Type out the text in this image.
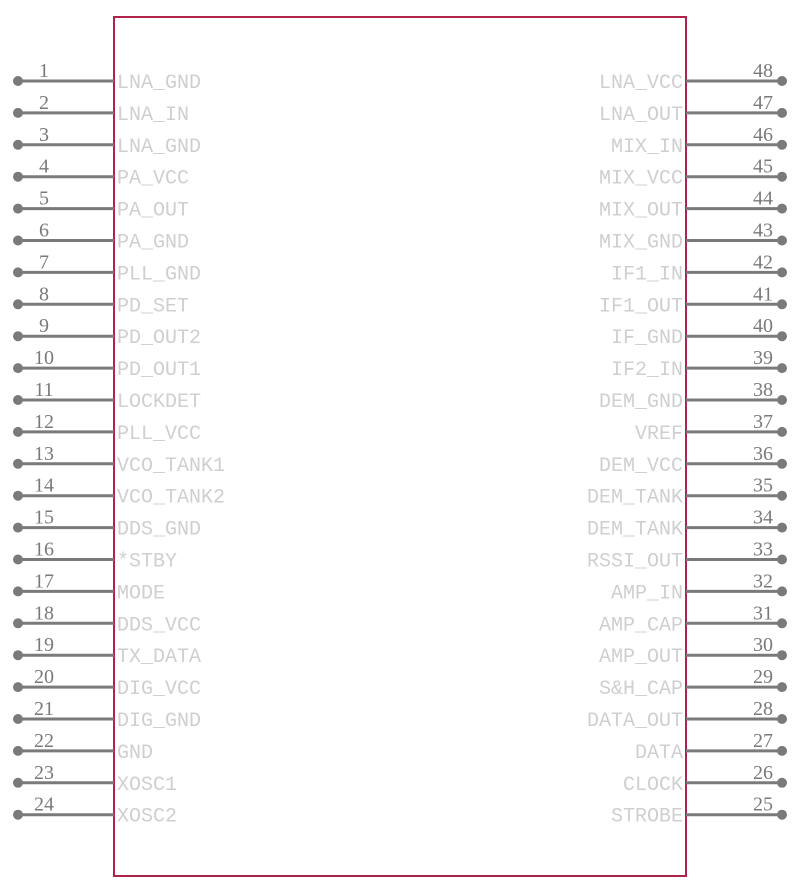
1
LNA_GND
2
LNA_IN
3
LNA_GND
4
PA_VCC
5
PA_OUT
6
PA_GND
7
PLL_GND
8
PD_SET
9
PD_OUT2
10
PD_OUT1
11
LOCKDET
12
PLL_VCC
13
VCO_TANK1
14
VCO_TANK2
15
DDS_GND
16
*STBY
17
MODE
18
DDS_VCC
19
TX_DATA
20
DIG_VCC
21
DIG_GND
22
GND
23
XOSC1
24
XOSC2
48
LNA_VCC
47
LNA_OUT
46
MIX_IN
45
MIX_VCC
44
MIX_OUT
43
MIX_GND
42
IF1_IN
41
IF1_OUT
40
IF_GND
39
IF2_IN
38
DEM_GND
37
VREF
36
DEM_VCC
35
DEM_TANK
34
DEM_TANK
33
RSSI_OUT
32
AMP_IN
31
AMP_CAP
30
AMP_OUT
29
S&H_CAP
28
DATA_OUT
27
DATA
26
CLOCK
25
STROBE
